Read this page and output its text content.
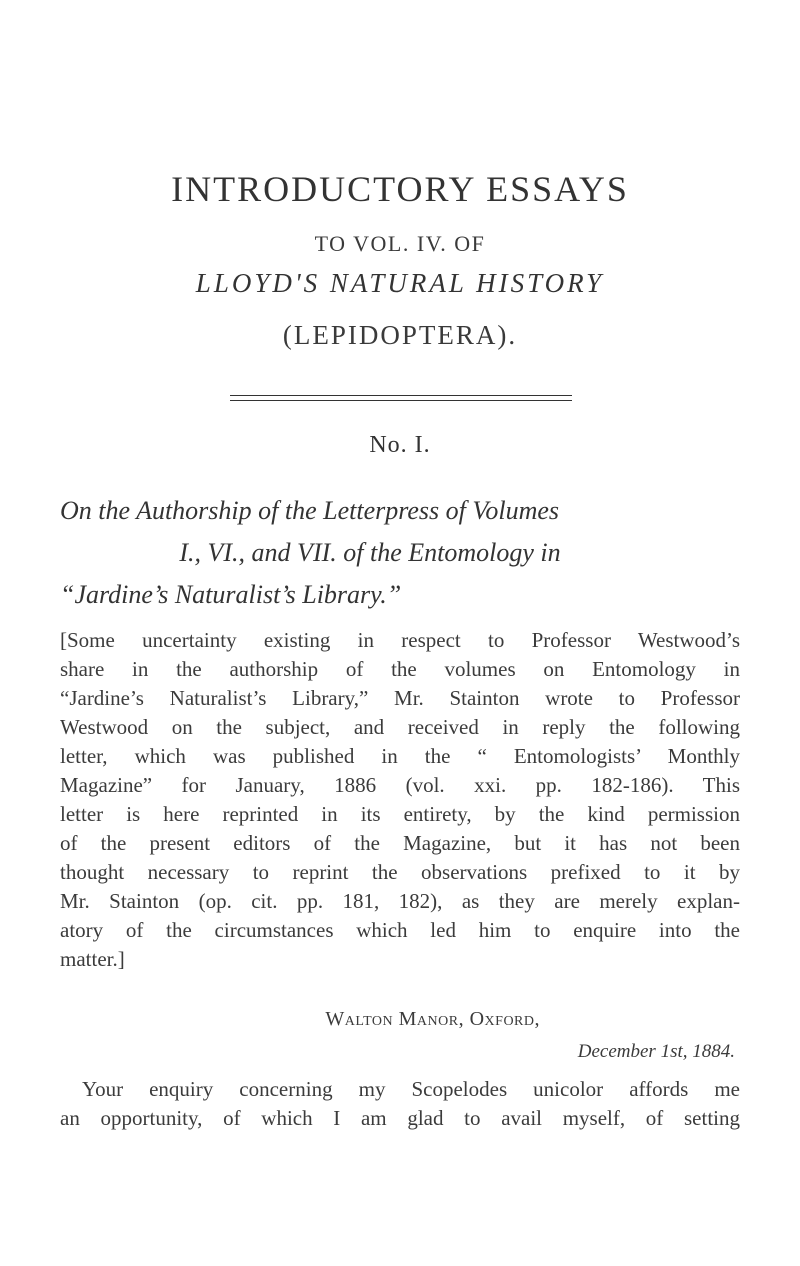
INTRODUCTORY ESSAYS
TO VOL. IV. OF
LLOYD'S NATURAL HISTORY
(LEPIDOPTERA).
No. I.
On the Authorship of the Letterpress of Volumes
I., VI., and VII. of the Entomology in
“Jardine’s Naturalist’s Library.”
[Some uncertainty existing in respect to Professor Westwood’s
share in the authorship of the volumes on Entomology in
“Jardine’s Naturalist’s Library,” Mr. Stainton wrote to Professor
Westwood on the subject, and received in reply the following
letter, which was published in the “ Entomologists’ Monthly
Magazine” for January, 1886 (vol. xxi. pp. 182-186). This
letter is here reprinted in its entirety, by the kind permission
of the present editors of the Magazine, but it has not been
thought necessary to reprint the observations prefixed to it by
Mr. Stainton (op. cit. pp. 181, 182), as they are merely explan-
atory of the circumstances which led him to enquire into the
matter.]
Walton Manor, Oxford,
December 1st, 1884.
Your enquiry concerning my Scopelodes unicolor affords me
an opportunity, of which I am glad to avail myself, of setting
